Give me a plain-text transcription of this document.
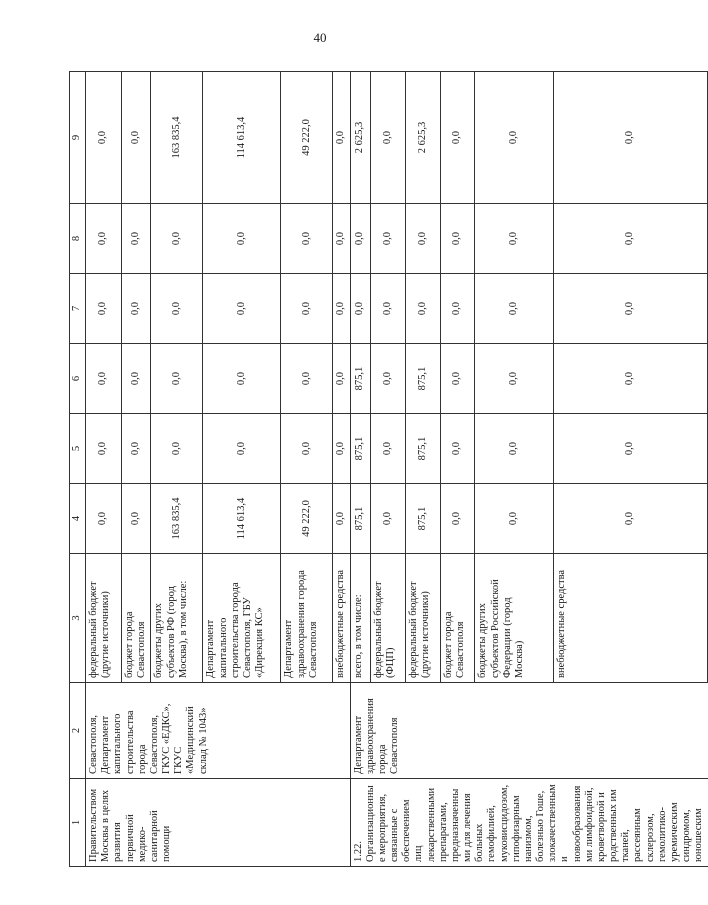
40
1	2	3	4	5	6	7	8	9
Правительством Москвы в целях развития первичной медико-санитарной помощи	Севастополя, Департамент капитального строительства города Севастополя, ГКУС «ЕДКС», ГКУС «Медицинский склад № 1043»	федеральный бюджет (другие источники)	0,0	0,0	0,0	0,0	0,0	0,0
		бюджет города Севастополя	0,0	0,0	0,0	0,0	0,0	0,0
		бюджеты других субъектов РФ (город Москва), в том числе:	163 835,4	0,0	0,0	0,0	0,0	163 835,4
		Департамент капитального строительства города Севастополя, ГБУ «Дирекция КС»	114 613,4	0,0	0,0	0,0	0,0	114 613,4
		Департамент здравоохранения города Севастополя	49 222,0	0,0	0,0	0,0	0,0	49 222,0
		внебюджетные средства	0,0	0,0	0,0	0,0	0,0	0,0
1.22. Организационные мероприятия, связанные с обеспечением лиц лекарственными препаратами, предназначенными для лечения больных гемофилией, муковисцидозом, гипофизарным нанизмом, болезнью Гоше, злокачественными новообразованиями лимфоидной, кроветворной и родственных им тканей, рассеянным склерозом, гемолитико-уремическим синдромом, юношеским	Департамент здравоохранения города Севастополя	всего, в том числе:	875,1	875,1	875,1	0,0	0,0	2 625,3
		федеральный бюджет (ФЦП)	0,0	0,0	0,0	0,0	0,0	0,0
		федеральный бюджет (другие источники)	875,1	875,1	875,1	0,0	0,0	2 625,3
		бюджет города Севастополя	0,0	0,0	0,0	0,0	0,0	0,0
		бюджеты других субъектов Российской Федерации (город Москва)	0,0	0,0	0,0	0,0	0,0	0,0
		внебюджетные средства	0,0	0,0	0,0	0,0	0,0	0,0
